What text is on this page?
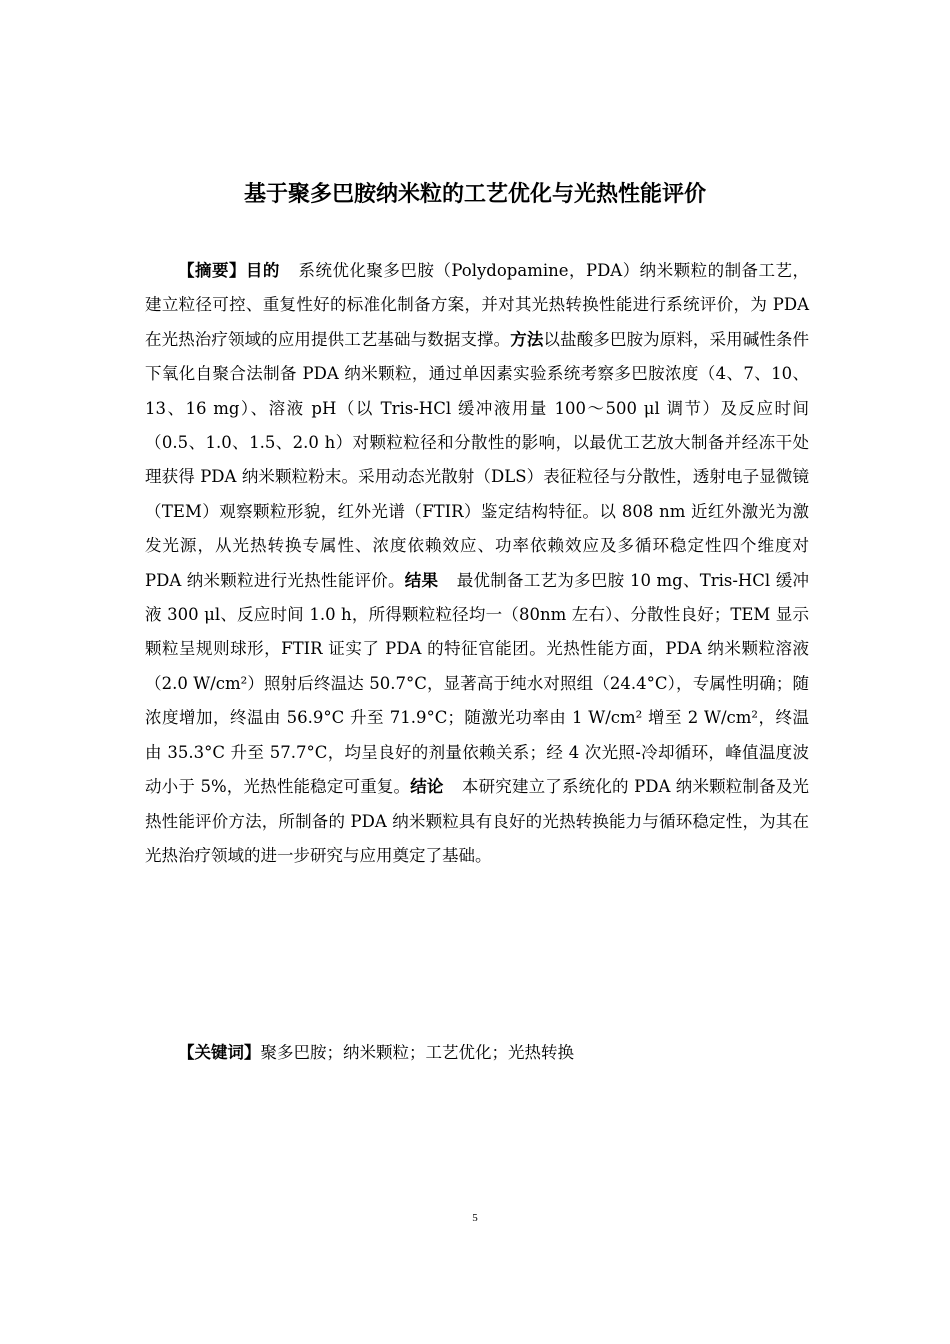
基于聚多巴胺纳米粒的工艺优化与光热性能评价

【摘要】目的 系统优化聚多巴胺（Polydopamine，PDA）纳米颗粒的制备工艺，建立粒径可控、重复性好的标准化制备方案，并对其光热转换性能进行系统评价，为 PDA 在光热治疗领域的应用提供工艺基础与数据支撑。方法以盐酸多巴胺为原料，采用碱性条件下氧化自聚合法制备 PDA 纳米颗粒，通过单因素实验系统考察多巴胺浓度（4、7、10、13、16 mg）、溶液 pH（以 Tris-HCl 缓冲液用量 100～500 μl 调节）及反应时间（0.5、1.0、1.5、2.0 h）对颗粒粒径和分散性的影响，以最优工艺放大制备并经冻干处理获得 PDA 纳米颗粒粉末。采用动态光散射（DLS）表征粒径与分散性，透射电子显微镜（TEM）观察颗粒形貌，红外光谱（FTIR）鉴定结构特征。以 808 nm 近红外激光为激发光源，从光热转换专属性、浓度依赖效应、功率依赖效应及多循环稳定性四个维度对 PDA 纳米颗粒进行光热性能评价。结果 最优制备工艺为多巴胺 10 mg、Tris-HCl 缓冲液 300 μl、反应时间 1.0 h，所得颗粒粒径均一（80nm 左右）、分散性良好；TEM 显示颗粒呈规则球形，FTIR 证实了 PDA 的特征官能团。光热性能方面，PDA 纳米颗粒溶液（2.0 W/cm²）照射后终温达 50.7°C，显著高于纯水对照组（24.4°C），专属性明确；随浓度增加，终温由 56.9°C 升至 71.9°C；随激光功率由 1 W/cm² 增至 2 W/cm²，终温由 35.3°C 升至 57.7°C，均呈良好的剂量依赖关系；经 4 次光照-冷却循环，峰值温度波动小于 5%，光热性能稳定可重复。结论 本研究建立了系统化的 PDA 纳米颗粒制备及光热性能评价方法，所制备的 PDA 纳米颗粒具有良好的光热转换能力与循环稳定性，为其在光热治疗领域的进一步研究与应用奠定了基础。

【关键词】聚多巴胺；纳米颗粒；工艺优化；光热转换

5
